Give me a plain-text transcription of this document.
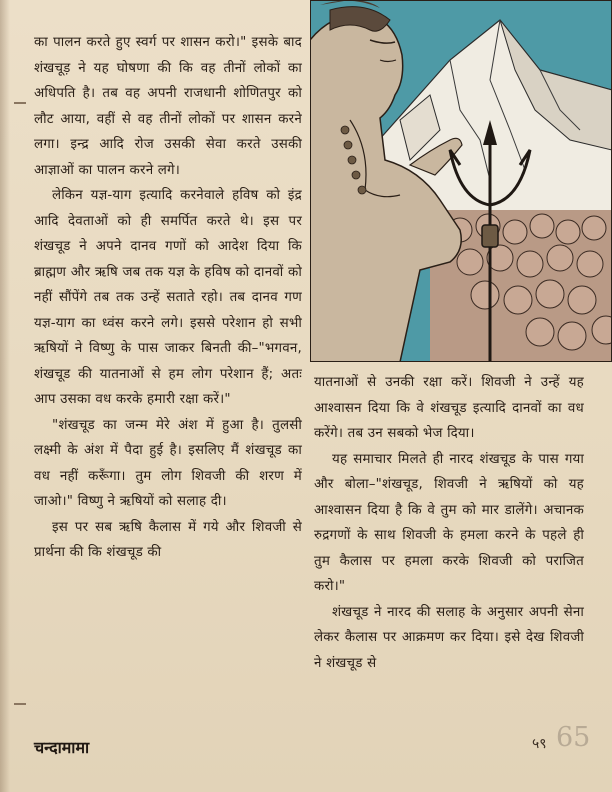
का पालन करते हुए स्वर्ग पर शासन करो।" इसके बाद शंखचूड़ ने यह घोषणा की कि वह तीनों लोकों का अधिपति है। तब वह अपनी राजधानी शोणितपुर को लौट आया, वहीं से वह तीनों लोकों पर शासन करने लगा। इन्द्र आदि रोज उसकी सेवा करते उसकी आज्ञाओं का पालन करने लगे।

लेकिन यज्ञ-याग इत्यादि करनेवाले हविष को इंद्र आदि देवताओं को ही समर्पित करते थे। इस पर शंखचूड ने अपने दानव गणों को आदेश दिया कि ब्राह्मण और ऋषि जब तक यज्ञ के हविष को दानवों को नहीं सौंपेंगे तब तक उन्हें सताते रहो। तब दानव गण यज्ञ-याग का ध्वंस करने लगे। इससे परेशान हो सभी ऋषियों ने विष्णु के पास जाकर बिनती की–"भगवन, शंखचूड की यातनाओं से हम लोग परेशान हैं; अतः आप उसका वध करके हमारी रक्षा करें।"

"शंखचूड का जन्म मेरे अंश में हुआ है। तुलसी लक्ष्मी के अंश में पैदा हुई है। इसलिए मैं शंखचूड का वध नहीं करूँगा। तुम लोग शिवजी की शरण में जाओ।" विष्णु ने ऋषियों को सलाह दी।

इस पर सब ऋषि कैलास में गये और शिवजी से प्रार्थना की कि शंखचूड की

यातनाओं से उनकी रक्षा करें। शिवजी ने उन्हें यह आश्वासन दिया कि वे शंखचूड इत्यादि दानवों का वध करेंगे। तब उन सबको भेज दिया।

यह समाचार मिलते ही नारद शंखचूड के पास गया और बोला–"शंखचूड, शिवजी ने ऋषियों को यह आश्वासन दिया है कि वे तुम को मार डालेंगे। अचानक रुद्रगणों के साथ शिवजी के हमला करने के पहले ही तुम कैलास पर हमला करके शिवजी को पराजित करो।"

शंखचूड ने नारद की सलाह के अनुसार अपनी सेना लेकर कैलास पर आक्रमण कर दिया। इसे देख शिवजी ने शंखचूड से

चन्दामामा	५९ 65
